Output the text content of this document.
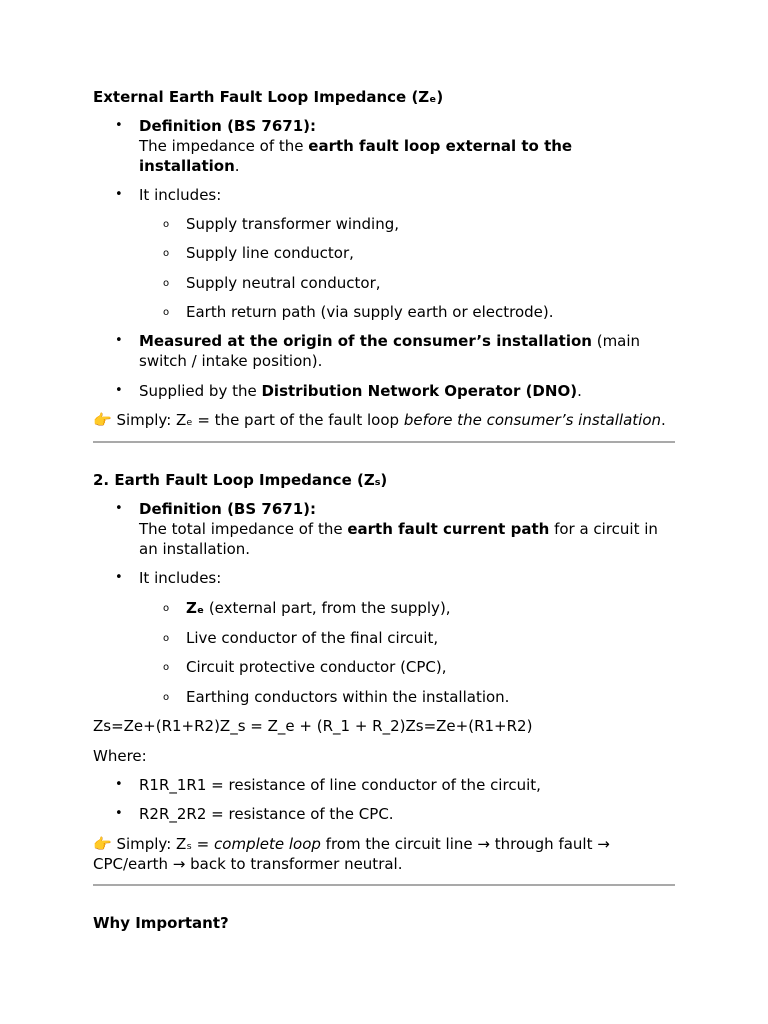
External Earth Fault Loop Impedance (Zₑ)
• Definition (BS 7671):
The impedance of the earth fault loop external to the installation.
• It includes:
o Supply transformer winding,
o Supply line conductor,
o Supply neutral conductor,
o Earth return path (via supply earth or electrode).
• Measured at the origin of the consumer’s installation (main switch / intake position).
• Supplied by the Distribution Network Operator (DNO).
👉 Simply: Zₑ = the part of the fault loop before the consumer’s installation.
2. Earth Fault Loop Impedance (Zₛ)
• Definition (BS 7671):
The total impedance of the earth fault current path for a circuit in an installation.
• It includes:
o Zₑ (external part, from the supply),
o Live conductor of the final circuit,
o Circuit protective conductor (CPC),
o Earthing conductors within the installation.
Zs=Ze+(R1+R2)Z_s = Z_e + (R_1 + R_2)Zs=Ze+(R1+R2)
Where:
• R1R_1R1 = resistance of line conductor of the circuit,
• R2R_2R2 = resistance of the CPC.
👉 Simply: Zₛ = complete loop from the circuit line → through fault → CPC/earth → back to transformer neutral.
Why Important?
